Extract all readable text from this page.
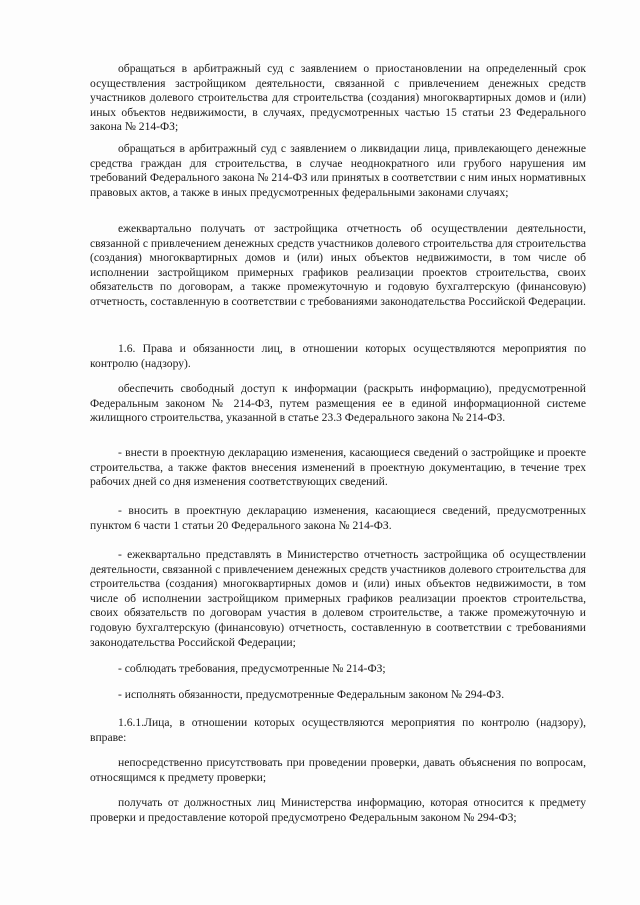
обращаться в арбитражный суд с заявлением о приостановлении на определенный срок осуществления застройщиком деятельности, связанной с привлечением денежных средств участников долевого строительства для строительства (создания) многоквартирных домов и (или) иных объектов недвижимости, в случаях, предусмотренных частью 15 статьи 23 Федерального закона № 214-ФЗ;

обращаться в арбитражный суд с заявлением о ликвидации лица, привлекающего денежные средства граждан для строительства, в случае неоднократного или грубого нарушения им требований Федерального закона № 214-ФЗ или принятых в соответствии с ним иных нормативных правовых актов, а также в иных предусмотренных федеральными законами случаях;

ежеквартально получать от застройщика отчетность об осуществлении деятельности, связанной с привлечением денежных средств участников долевого строительства для строительства (создания) многоквартирных домов и (или) иных объектов недвижимости, в том числе об исполнении застройщиком примерных графиков реализации проектов строительства, своих обязательств по договорам, а также промежуточную и годовую бухгалтерскую (финансовую) отчетность, составленную в соответствии с требованиями законодательства Российской Федерации.

1.6. Права и обязанности лиц, в отношении которых осуществляются мероприятия по контролю (надзору).

обеспечить свободный доступ к информации (раскрыть информацию), предусмотренной Федеральным законом № 214-ФЗ, путем размещения ее в единой информационной системе жилищного строительства, указанной в статье 23.3 Федерального закона № 214-ФЗ.

- внести в проектную декларацию изменения, касающиеся сведений о застройщике и проекте строительства, а также фактов внесения изменений в проектную документацию, в течение трех рабочих дней со дня изменения соответствующих сведений.

- вносить в проектную декларацию изменения, касающиеся сведений, предусмотренных пунктом 6 части 1 статьи 20 Федерального закона № 214-ФЗ.

- ежеквартально представлять в Министерство отчетность застройщика об осуществлении деятельности, связанной с привлечением денежных средств участников долевого строительства для строительства (создания) многоквартирных домов и (или) иных объектов недвижимости, в том числе об исполнении застройщиком примерных графиков реализации проектов строительства, своих обязательств по договорам участия в долевом строительстве, а также промежуточную и годовую бухгалтерскую (финансовую) отчетность, составленную в соответствии с требованиями законодательства Российской Федерации;

- соблюдать требования, предусмотренные № 214-ФЗ;

- исполнять обязанности, предусмотренные Федеральным законом № 294-ФЗ.

1.6.1.Лица, в отношении которых осуществляются мероприятия по контролю (надзору), вправе:

непосредственно присутствовать при проведении проверки, давать объяснения по вопросам, относящимся к предмету проверки;

получать от должностных лиц Министерства информацию, которая относится к предмету проверки и предоставление которой предусмотрено Федеральным законом № 294-ФЗ;
